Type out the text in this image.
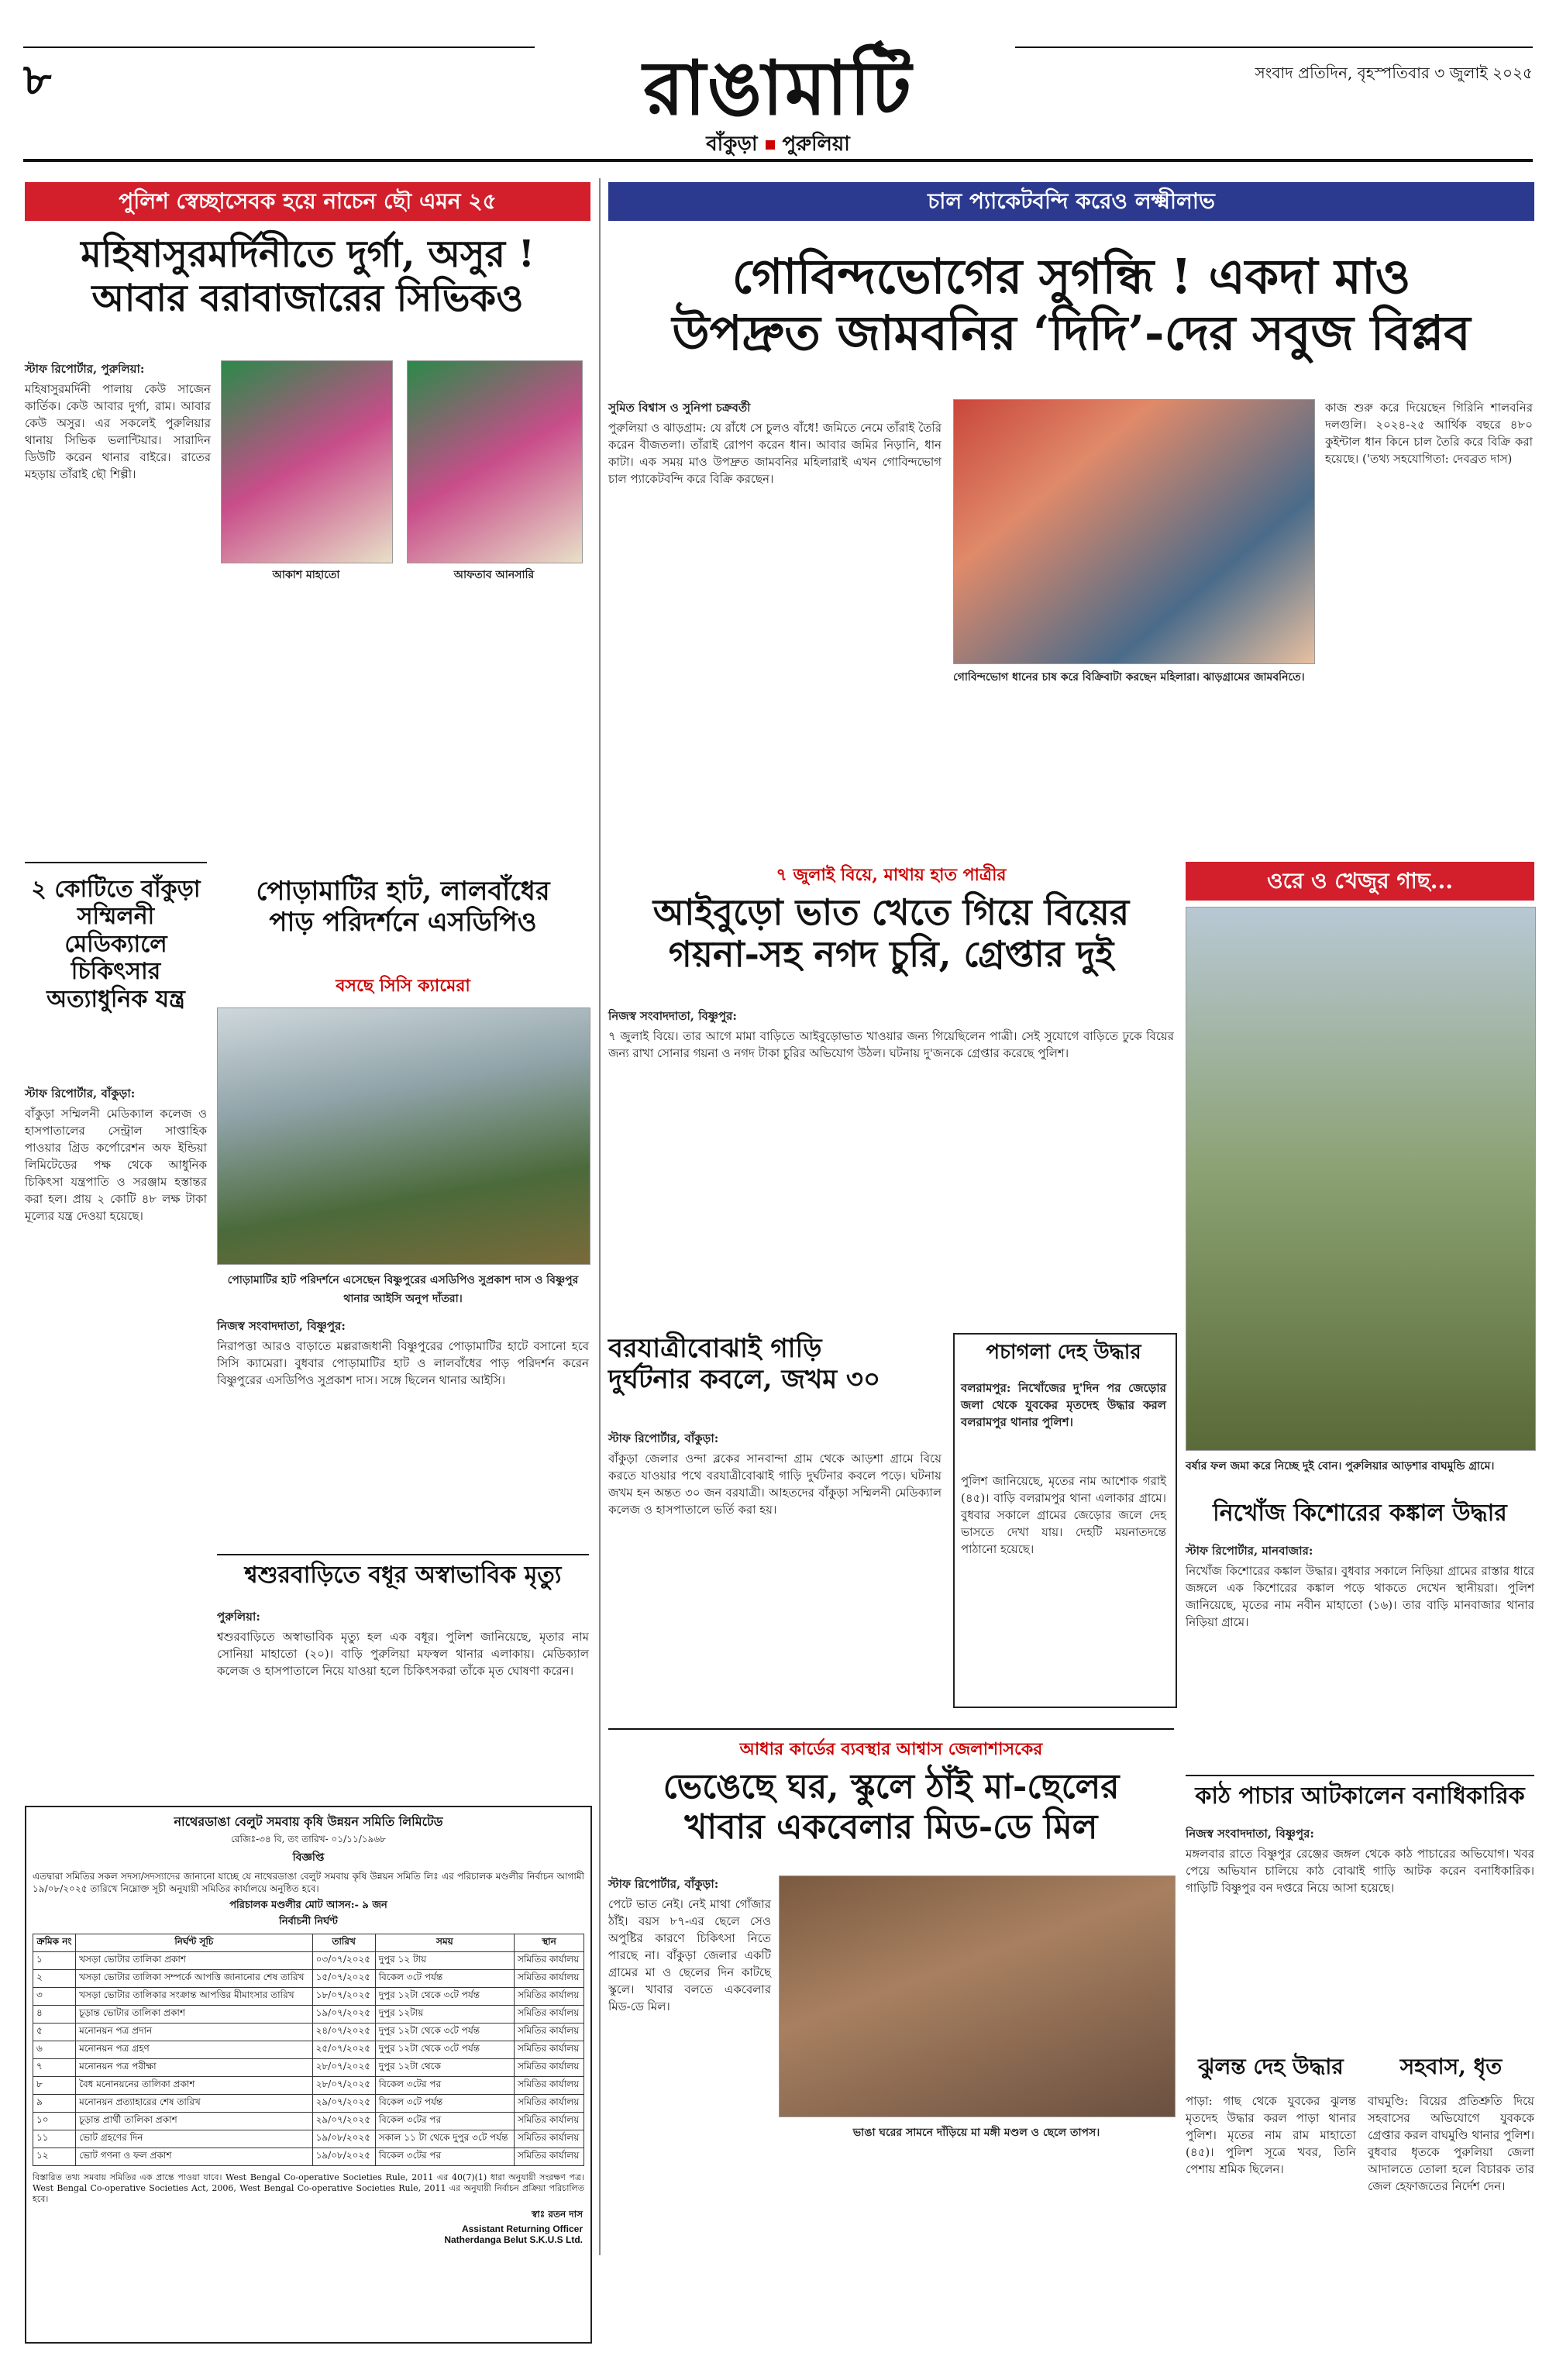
৮	রাঙামাটি	সংবাদ প্রতিদিন, বৃহস্পতিবার ৩ জুলাই ২০২৫
বাঁকুড়া পুরুলিয়া
পুলিশ স্বেচ্ছাসেবক হয়ে নাচেন ছৌ এমন ২৫
মহিষাসুরমর্দিনীতে দুর্গা, অসুর !
আবার বরাবাজারের সিভিকও

স্টাফ রিপোর্টার, পুরুলিয়া:

মহিষাসুরমর্দিনী পালায় কেউ সাজেন কার্তিক। কেউ আবার দুর্গা, রাম। আবার কেউ অসুর। এর সকলেই পুরুলিয়ার থানায় সিভিক ভলান্টিয়ার। সারাদিন ডিউটি করেন থানার বাইরে। রাতের মহড়ায় তাঁরাই ছৌ শিল্পী।

আকাশ মাহাতো	আফতাব আনসারি
চাল প্যাকেটবন্দি করেও লক্ষ্মীলাভ
গোবিন্দভোগের সুগন্ধি ! একদা মাও
উপদ্রুত জামবনির ‘দিদি’-দের সবুজ বিপ্লব

সুমিত বিশ্বাস ও সুনিপা চক্রবর্তী

পুরুলিয়া ও ঝাড়গ্রাম: যে রাঁধে সে চুলও বাঁধে! জমিতে নেমে তাঁরাই তৈরি করেন বীজতলা। তাঁরাই রোপণ করেন ধান। আবার জমির নিড়ানি, ধান কাটা। এক সময় মাও উপদ্রুত জামবনির মহিলারাই এখন গোবিন্দভোগ চাল প্যাকেটবন্দি করে বিক্রি করছেন।

গোবিন্দভোগ ধানের চাষ করে বিক্রিবাটা করছেন মহিলারা। ঝাড়গ্রামের জামবনিতে।
কাজ শুরু করে দিয়েছেন গিরিনি শালবনির দলগুলি। ২০২৪-২৫ আর্থিক বছরে ৪৮০ কুইন্টাল ধান কিনে চাল তৈরি করে বিক্রি করা হয়েছে। ('তথ্য সহযোগিতা: দেবব্রত দাস)
২ কোটিতে বাঁকুড়া সম্মিলনী মেডিক্যালে চিকিৎসার অত্যাধুনিক যন্ত্র

স্টাফ রিপোর্টার, বাঁকুড়া:

বাঁকুড়া সম্মিলনী মেডিক্যাল কলেজ ও হাসপাতালের সেন্ট্রাল সাপ্তাহিক পাওয়ার গ্রিড কর্পোরেশন অফ ইন্ডিয়া লিমিটেডের পক্ষ থেকে আধুনিক চিকিৎসা যন্ত্রপাতি ও সরঞ্জাম হস্তান্তর করা হল। প্রায় ২ কোটি ৪৮ লক্ষ টাকা মূল্যের যন্ত্র দেওয়া হয়েছে।

পোড়ামাটির হাট, লালবাঁধের
পাড় পরিদর্শনে এসডিপিও
বসছে সিসি ক্যামেরা
পোড়ামাটির হাট পরিদর্শনে এসেছেন বিষ্ণুপুরের এসডিপিও সুপ্রকাশ দাস ও বিষ্ণুপুর থানার আইসি অনুপ দাঁতরা।

নিজস্ব সংবাদদাতা, বিষ্ণুপুর:

নিরাপত্তা আরও বাড়াতে মল্লরাজধানী বিষ্ণুপুরের পোড়ামাটির হাটে বসানো হবে সিসি ক্যামেরা। বুধবার পোড়ামাটির হাট ও লালবাঁধের পাড় পরিদর্শন করেন বিষ্ণুপুরের এসডিপিও সুপ্রকাশ দাস। সঙ্গে ছিলেন থানার আইসি।

শ্বশুরবাড়িতে বধূর অস্বাভাবিক মৃত্যু

পুরুলিয়া:

শ্বশুরবাড়িতে অস্বাভাবিক মৃত্যু হল এক বধূর। পুলিশ জানিয়েছে, মৃতার নাম সোনিয়া মাহাতো (২০)। বাড়ি পুরুলিয়া মফস্বল থানার এলাকায়। মেডিক্যাল কলেজ ও হাসপাতালে নিয়ে যাওয়া হলে চিকিৎসকরা তাঁকে মৃত ঘোষণা করেন।

৭ জুলাই বিয়ে, মাথায় হাত পাত্রীর
আইবুড়ো ভাত খেতে গিয়ে বিয়ের
গয়না-সহ নগদ চুরি, গ্রেপ্তার দুই

নিজস্ব সংবাদদাতা, বিষ্ণুপুর:

৭ জুলাই বিয়ে। তার আগে মামা বাড়িতে আইবুড়োভাত খাওয়ার জন্য গিয়েছিলেন পাত্রী। সেই সুযোগে বাড়িতে ঢুকে বিয়ের জন্য রাখা সোনার গয়না ও নগদ টাকা চুরির অভিযোগ উঠল। ঘটনায় দু'জনকে গ্রেপ্তার করেছে পুলিশ।

বরযাত্রীবোঝাই গাড়ি
দুর্ঘটনার কবলে, জখম ৩০

স্টাফ রিপোর্টার, বাঁকুড়া:

বাঁকুড়া জেলার ওন্দা ব্লকের সানবান্দা গ্রাম থেকে আড়শা গ্রামে বিয়ে করতে যাওয়ার পথে বরযাত্রীবোঝাই গাড়ি দুর্ঘটনার কবলে পড়ে। ঘটনায় জখম হন অন্তত ৩০ জন বরযাত্রী। আহতদের বাঁকুড়া সম্মিলনী মেডিক্যাল কলেজ ও হাসপাতালে ভর্তি করা হয়।

পচাগলা দেহ উদ্ধার
বলরামপুর: নিখোঁজের দু'দিন পর জেড়োর জলা থেকে যুবকের মৃতদেহ উদ্ধার করল বলরামপুর থানার পুলিশ।
পুলিশ জানিয়েছে, মৃতের নাম আশোক গরাই (৪৫)। বাড়ি বলরামপুর থানা এলাকার গ্রামে। বুধবার সকালে গ্রামের জেড়োর জলে দেহ ভাসতে দেখা যায়। দেহটি ময়নাতদন্তে পাঠানো হয়েছে।
ওরে ও খেজুর গাছ...
বর্ষার ফল জমা করে নিচ্ছে দুই বোন। পুরুলিয়ার আড়শার বাঘমুন্ডি গ্রামে।
নিখোঁজ কিশোরের কঙ্কাল উদ্ধার

স্টাফ রিপোর্টার, মানবাজার:

নিখোঁজ কিশোরের কঙ্কাল উদ্ধার। বুধবার সকালে নিড়িয়া গ্রামের রাস্তার ধারে জঙ্গলে এক কিশোরের কঙ্কাল পড়ে থাকতে দেখেন স্থানীয়রা। পুলিশ জানিয়েছে, মৃতের নাম নবীন মাহাতো (১৬)। তার বাড়ি মানবাজার থানার নিড়িয়া গ্রামে।

আধার কার্ডের ব্যবস্থার আশ্বাস জেলাশাসকের
ভেঙেছে ঘর, স্কুলে ঠাঁই মা-ছেলের
খাবার একবেলার মিড-ডে মিল

স্টাফ রিপোর্টার, বাঁকুড়া:

পেটে ভাত নেই। নেই মাথা গোঁজার ঠাঁই। বয়স ৮৭-এর ছেলে সেও অপুষ্টির কারণে চিকিৎসা নিতে পারছে না। বাঁকুড়া জেলার একটি গ্রামের মা ও ছেলের দিন কাটছে স্কুলে। খাবার বলতে একবেলার মিড-ডে মিল।

ভাঙা ঘরের সামনে দাঁড়িয়ে মা মঙ্গী মণ্ডল ও ছেলে তাপস।
কাঠ পাচার আটকালেন বনাধিকারিক

নিজস্ব সংবাদদাতা, বিষ্ণুপুর:

মঙ্গলবার রাতে বিষ্ণুপুর রেঞ্জের জঙ্গল থেকে কাঠ পাচারের অভিযোগ। খবর পেয়ে অভিযান চালিয়ে কাঠ বোঝাই গাড়ি আটক করেন বনাধিকারিক। গাড়িটি বিষ্ণুপুর বন দপ্তরে নিয়ে আসা হয়েছে।

ঝুলন্ত দেহ উদ্ধার
পাড়া: গাছ থেকে যুবকের ঝুলন্ত মৃতদেহ উদ্ধার করল পাড়া থানার পুলিশ। মৃতের নাম রাম মাহাতো (৪৫)। পুলিশ সূত্রে খবর, তিনি পেশায় শ্রমিক ছিলেন।
সহবাস, ধৃত
বাঘমুণ্ডি: বিয়ের প্রতিশ্রুতি দিয়ে সহবাসের অভিযোগে যুবককে গ্রেপ্তার করল বাঘমুণ্ডি থানার পুলিশ। বুধবার ধৃতকে পুরুলিয়া জেলা আদালতে তোলা হলে বিচারক তার জেল হেফাজতের নির্দেশ দেন।
নাথেরডাঙা বেলুট সমবায় কৃষি উন্নয়ন সমিতি লিমিটেড
রেজিঃ-৩৪ বি, তং তারিখ- ০১/১১/১৯৬৮
বিজ্ঞপ্তি
এতদ্বারা সমিতির সকল সদস্য/সদস্যাদের জানানো যাচ্ছে যে নাথেরডাঙা বেলুট সমবায় কৃষি উন্নয়ন সমিতি লিঃ এর পরিচালক মণ্ডলীর নির্বাচন আগামী ১৯/০৮/২০২৫ তারিখে নিম্নোক্ত সূচী অনুযায়ী সমিতির কার্যালয়ে অনুষ্ঠিত হবে।
পরিচালক মণ্ডলীর মোট আসন:- ৯ জন
নির্বাচনী নির্ঘণ্ট
ক্রমিক নং	নির্ঘণ্ট সূচি	তারিখ	সময়	স্থান
১	খসড়া ভোটার তালিকা প্রকাশ	০৩/০৭/২০২৫	দুপুর ১২ টায়	সমিতির কার্যালয়
২	খসড়া ভোটার তালিকা সম্পর্কে আপত্তি জানানোর শেষ তারিখ	১৫/০৭/২০২৫	বিকেল ৩টে পর্যন্ত	সমিতির কার্যালয়
৩	খসড়া ভোটার তালিকার সংক্রান্ত আপত্তির মীমাংসার তারিখ	১৮/০৭/২০২৫	দুপুর ১২টা থেকে ৩টে পর্যন্ত	সমিতির কার্যালয়
৪	চূড়ান্ত ভোটার তালিকা প্রকাশ	১৯/০৭/২০২৫	দুপুর ১২টায়	সমিতির কার্যালয়
৫	মনোনয়ন পত্র প্রদান	২৪/০৭/২০২৫	দুপুর ১২টা থেকে ৩টে পর্যন্ত	সমিতির কার্যালয়
৬	মনোনয়ন পত্র গ্রহণ	২৫/০৭/২০২৫	দুপুর ১২টা থেকে ৩টে পর্যন্ত	সমিতির কার্যালয়
৭	মনোনয়ন পত্র পরীক্ষা	২৮/০৭/২০২৫	দুপুর ১২টা থেকে	সমিতির কার্যালয়
৮	বৈধ মনোনয়নের তালিকা প্রকাশ	২৮/০৭/২০২৫	বিকেল ৩টের পর	সমিতির কার্যালয়
৯	মনোনয়ন প্রত্যাহারের শেষ তারিখ	২৯/০৭/২০২৫	বিকেল ৩টে পর্যন্ত	সমিতির কার্যালয়
১০	চূড়ান্ত প্রার্থী তালিকা প্রকাশ	২৯/০৭/২০২৫	বিকেল ৩টের পর	সমিতির কার্যালয়
১১	ভোট গ্রহণের দিন	১৯/০৮/২০২৫	সকাল ১১ টা থেকে দুপুর ৩টে পর্যন্ত	সমিতির কার্যালয়
১২	ভোট গণনা ও ফল প্রকাশ	১৯/০৮/২০২৫	বিকেল ৩টের পর	সমিতির কার্যালয়
বিস্তারিত তথ্য সমবায় সমিতির এক প্রান্তে পাওয়া যাবে। West Bengal Co-operative Societies Rule, 2011 এর 40(7)(1) ধারা অনুযায়ী সংরক্ষণ পত্র। West Bengal Co-operative Societies Act, 2006, West Bengal Co-operative Societies Rule, 2011 এর অনুযায়ী নির্বাচন প্রক্রিয়া পরিচালিত হবে।
স্বাঃ রতন দাস
Assistant Returning Officer
Natherdanga Belut S.K.U.S Ltd.
